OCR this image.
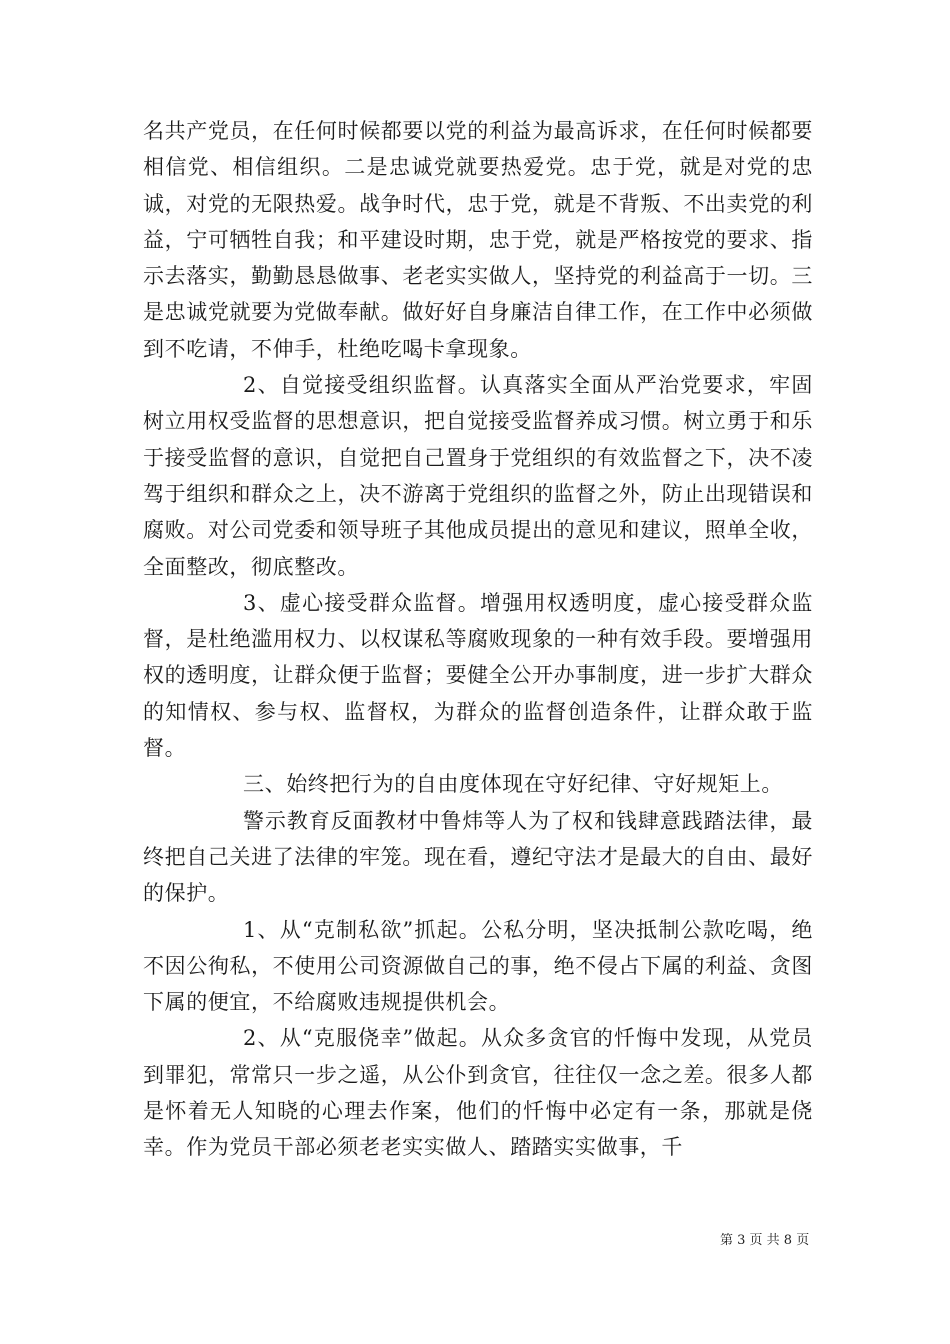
名共产党员，在任何时候都要以党的利益为最高诉求，在任何时候都要相信党、相信组织。二是忠诚党就要热爱党。忠于党，就是对党的忠诚，对党的无限热爱。战争时代，忠于党，就是不背叛、不出卖党的利益，宁可牺牲自我；和平建设时期，忠于党，就是严格按党的要求、指示去落实，勤勤恳恳做事、老老实实做人，坚持党的利益高于一切。三是忠诚党就要为党做奉献。做好好自身廉洁自律工作，在工作中必须做到不吃请，不伸手，杜绝吃喝卡拿现象。

2、自觉接受组织监督。认真落实全面从严治党要求，牢固树立用权受监督的思想意识，把自觉接受监督养成习惯。树立勇于和乐于接受监督的意识，自觉把自己置身于党组织的有效监督之下，决不凌驾于组织和群众之上，决不游离于党组织的监督之外，防止出现错误和腐败。对公司党委和领导班子其他成员提出的意见和建议，照单全收，全面整改，彻底整改。

3、虚心接受群众监督。增强用权透明度，虚心接受群众监督，是杜绝滥用权力、以权谋私等腐败现象的一种有效手段。要增强用权的透明度，让群众便于监督；要健全公开办事制度，进一步扩大群众的知情权、参与权、监督权，为群众的监督创造条件，让群众敢于监督。

三、始终把行为的自由度体现在守好纪律、守好规矩上。

警示教育反面教材中鲁炜等人为了权和钱肆意践踏法律，最终把自己关进了法律的牢笼。现在看，遵纪守法才是最大的自由、最好的保护。

1、从“克制私欲”抓起。公私分明，坚决抵制公款吃喝，绝不因公徇私，不使用公司资源做自己的事，绝不侵占下属的利益、贪图下属的便宜，不给腐败违规提供机会。

2、从“克服侥幸”做起。从众多贪官的忏悔中发现，从党员到罪犯，常常只一步之遥，从公仆到贪官，往往仅一念之差。很多人都是怀着无人知晓的心理去作案，他们的忏悔中必定有一条，那就是侥幸。作为党员干部必须老老实实做人、踏踏实实做事，千

第 3 页 共 8 页
